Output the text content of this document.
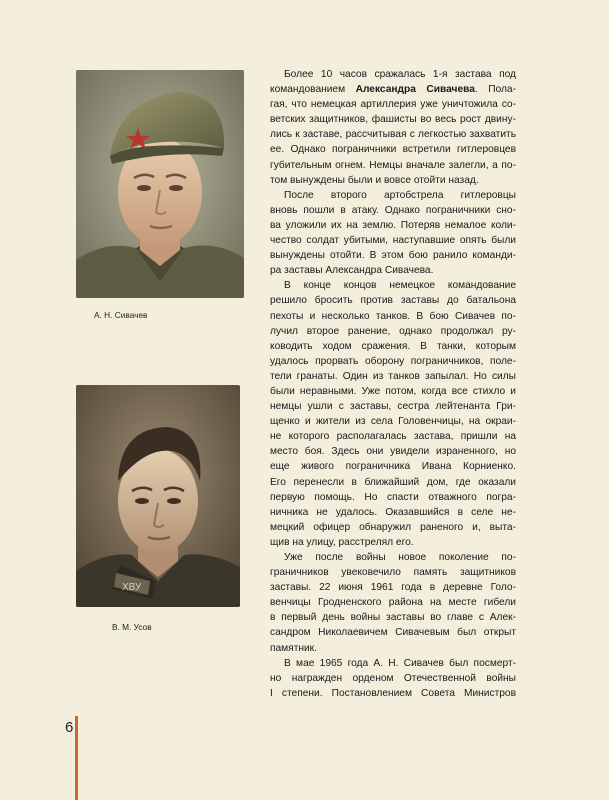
А. Н. Сивачев
ХВУ
В. М. Усов

Более 10 часов сражалась 1-я застава под
командованием Александра Сивачева. Пола-
гая, что немецкая артиллерия уже уничтожила со-
ветских защитников, фашисты во весь рост двину-
лись к заставе, рассчитывая с легкостью захватить
ее. Однако пограничники встретили гитлеровцев
губительным огнем. Немцы вначале залегли, а по-
том вынуждены были и вовсе отойти назад.

После второго артобстрела гитлеровцы
вновь пошли в атаку. Однако пограничники сно-
ва уложили их на землю. Потеряв немалое коли-
чество солдат убитыми, наступавшие опять были
вынуждены отойти. В этом бою ранило команди-
ра заставы Александра Сивачева.

В конце концов немецкое командование
решило бросить против заставы до батальона
пехоты и несколько танков. В бою Сивачев по-
лучил второе ранение, однако продолжал ру-
ководить ходом сражения. В танки, которым
удалось прорвать оборону пограничников, поле-
тели гранаты. Один из танков запылал. Но силы
были неравными. Уже потом, когда все стихло и
немцы ушли с заставы, сестра лейтенанта Гри-
щенко и жители из села Головенчицы, на окраи-
не которого располагалась застава, пришли на
место боя. Здесь они увидели израненного, но
еще живого пограничника Ивана Корниенко.
Его перенесли в ближайший дом, где оказали
первую помощь. Но спасти отважного погра-
ничника не удалось. Оказавшийся в селе не-
мецкий офицер обнаружил раненого и, выта-
щив на улицу, расстрелял его.

Уже после войны новое поколение по-
граничников увековечило память защитников
заставы. 22 июня 1961 года в деревне Голо-
венчицы Гродненского района на месте гибели
в первый день войны заставы во главе с Алек-
сандром Николаевичем Сивачевым был открыт
памятник.

В мае 1965 года А. Н. Сивачев был посмерт-
но награжден орденом Отечественной войны
I степени. Постановлением Совета Министров

6
